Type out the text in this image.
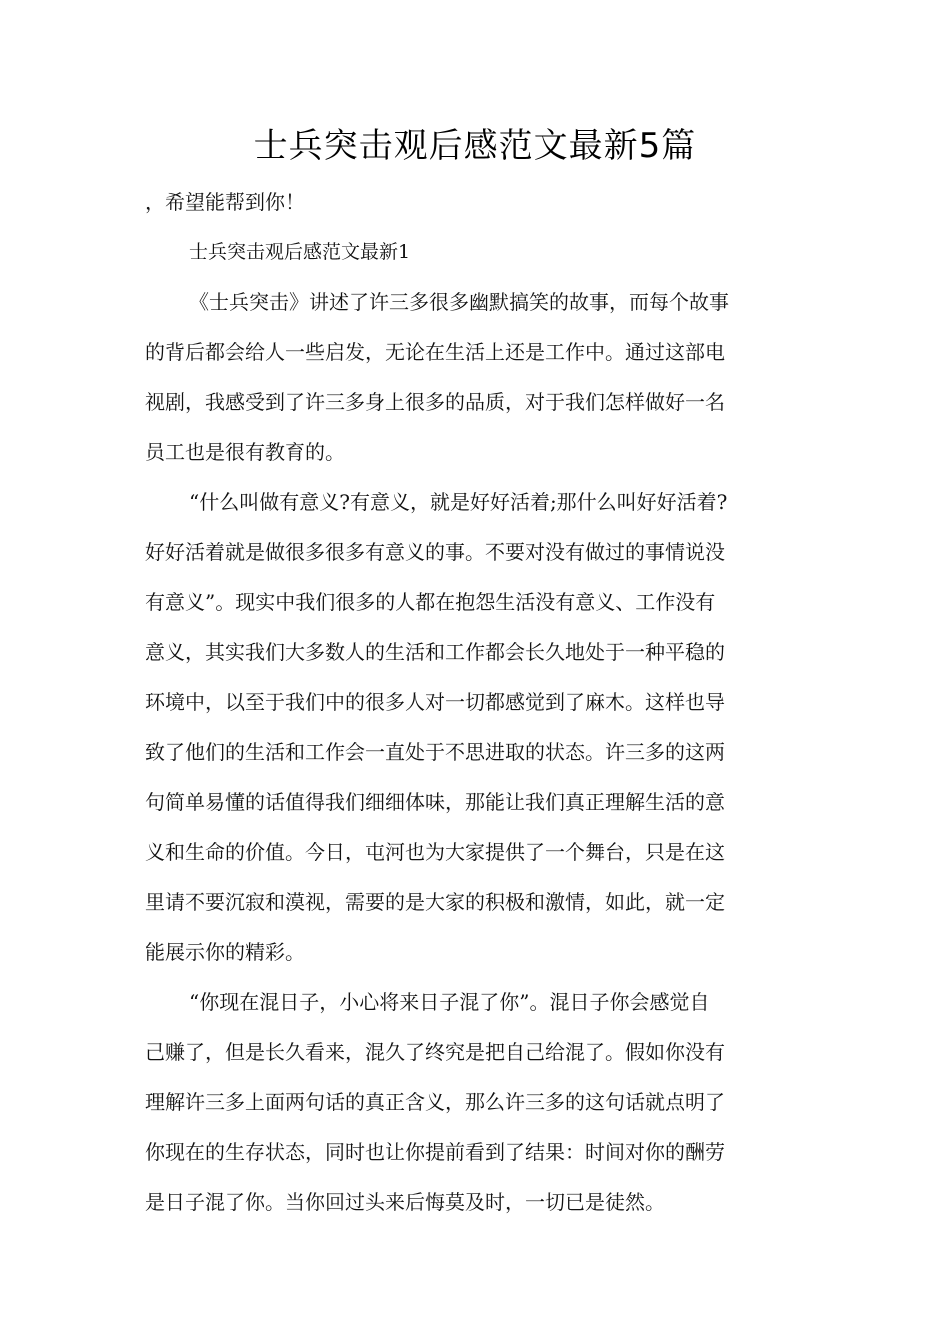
士兵突击观后感范文最新5篇
，希望能帮到你！
士兵突击观后感范文最新1
《士兵突击》讲述了许三多很多幽默搞笑的故事，而每个故事
的背后都会给人一些启发，无论在生活上还是工作中。通过这部电
视剧，我感受到了许三多身上很多的品质，对于我们怎样做好一名
员工也是很有教育的。
“什么叫做有意义?有意义，就是好好活着;那什么叫好好活着?
好好活着就是做很多很多有意义的事。不要对没有做过的事情说没
有意义”。现实中我们很多的人都在抱怨生活没有意义、工作没有
意义，其实我们大多数人的生活和工作都会长久地处于一种平稳的
环境中，以至于我们中的很多人对一切都感觉到了麻木。这样也导
致了他们的生活和工作会一直处于不思进取的状态。许三多的这两
句简单易懂的话值得我们细细体味，那能让我们真正理解生活的意
义和生命的价值。今日，屯河也为大家提供了一个舞台，只是在这
里请不要沉寂和漠视，需要的是大家的积极和激情，如此，就一定
能展示你的精彩。
“你现在混日子，小心将来日子混了你”。混日子你会感觉自
己赚了，但是长久看来，混久了终究是把自己给混了。假如你没有
理解许三多上面两句话的真正含义，那么许三多的这句话就点明了
你现在的生存状态，同时也让你提前看到了结果：时间对你的酬劳
是日子混了你。当你回过头来后悔莫及时，一切已是徒然。
